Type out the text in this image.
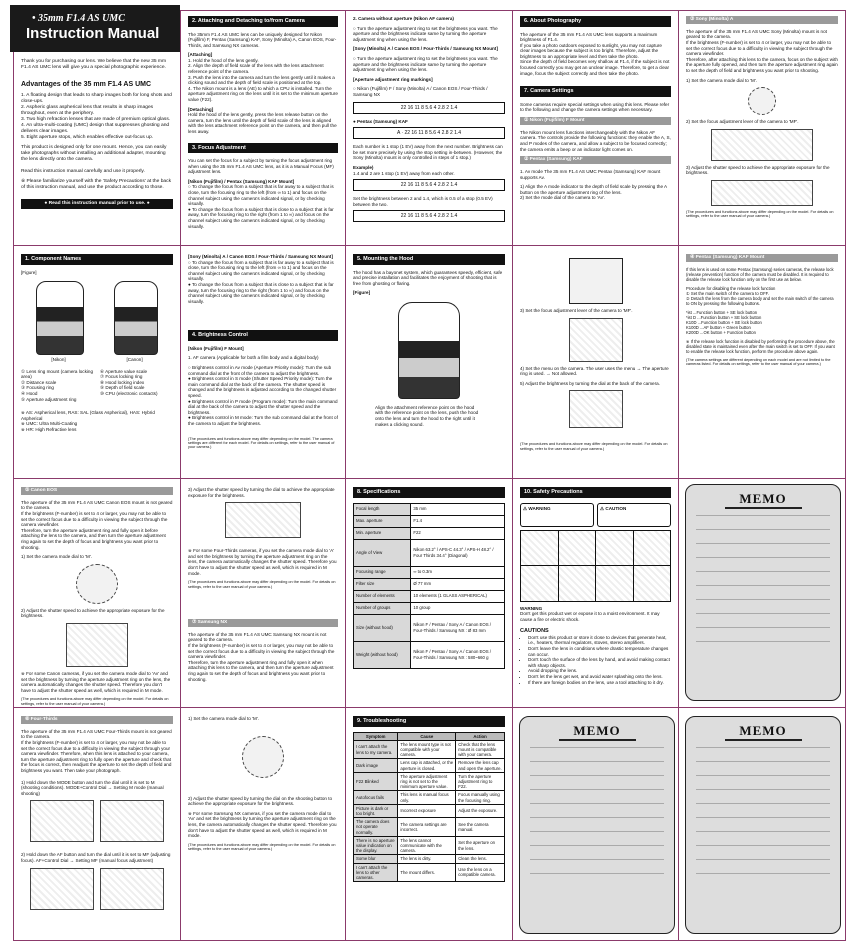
• 35mm F1.4 AS UMC
Instruction Manual

Thank you for purchasing our lens. We believe that the new 35 mm F1.4 AS UMC lens will give you a special photographic experience.

Advantages of the 35 mm F1.4 AS UMC
1. A floating design that leads to sharp images both for long shots and close-ups.
2. Aspheric glass aspherical lens that results in sharp images throughout, even at the periphery.
3. Two high refraction lenses that are made of premium optical glass.
4. An ultra-multi-coating (UMC) design that suppresses ghosting and delivers clear images.
5. Eight aperture stops, which enables effective out-focus up.

This product is designed only for one mount. Hence, you can easily take photographs without installing an additional adapter, mounting the lens directly onto the camera.

Read this instruction manual carefully and use it properly.

※ Please familiarize yourself with the 'Safety Precautions' at the back of this instruction manual, and use the product according to those.

● Read this instruction manual prior to use. ●
2. Attaching and Detaching to/from Camera

The 35mm F1.4 AS UMC lens can be uniquely designed for Nikon (Fujifilm) F, Pentax (Samsung) KAF, Sony (Minolta) A, Canon EOS, Four-Thirds, and Samsung NX cameras.

[Attaching]
1. Hold the hood of the lens gently.
2. Align the depth of field scale of the lens with the lens attachment reference point of the camera.
3. Push the lens into the camera and turn the lens gently until it makes a clicking sound and the depth of field scale is positioned at the top.

4. The Nikon mount is a lens (AE) to which a CPU is installed. Turn the aperture adjustment ring on the lens until it is set to the minimum aperture value (F22).

[Detaching]

Hold the hood of the lens gently, press the lens release button on the camera, turn the lens until the depth of field scale of the lens is aligned with the lens attachment reference point on the camera, and then pull the lens away.

3. Focus Adjustment

You can set the focus for a subject by turning the focus adjustment ring when using the 35 mm F1.4 AS UMC lens, as it is a Manual Focus (MF) adjustment lens.

[Nikon (Fujifilm) / Pentax (Samsung) KAF Mount]
○ To change the focus from a subject that is far away to a subject that is close, turn the focusing ring to the left (from ∞ to 1) and focus on the channel subject using the camera's indicated signal, or by checking visually.
● To change the focus from a subject that is close to a subject that is far away, turn the focusing ring to the right (from 1 to ∞) and focus on the channel subject using the camera's indicated signal, or by checking visually.

2. Camera without aperture (Nikon AF camera)

○ Turn the aperture adjustment ring to set the brightness you want. The aperture and the brightness indicate same by turning the aperture adjustment ring when using the lens.

[Sony (Minolta) A / Canon EOS / Four-Thirds / Samsung NX Mount]

○ Turn the aperture adjustment ring to set the brightness you want. The aperture and the brightness indicate same by turning the aperture adjustment ring when using the lens.

[Aperture adjustment ring markings]

○ Nikon (Fujifilm) F / Sony (Minolta) A / Canon EOS / Four-Thirds / Samsung NX

22 16 11 8 5.6 4 2.8 2 1.4
● Pentax (Samsung) KAF
A · 22 16 11 8 5.6 4 2.8 2 1.4

Each number is 1 stop (1 EV) away from the next number. Brightness can be set more precisely by using the stop setting in-between. (However, the Sony (Minolta) mount is only controlled in steps of 1 stop.)

Example)
1.4 and 2 are 1 stop (1 EV) away from each other.
22 16 11 8 5.6 4 2.8 2 1.4
Set the brightness between 2 and 1.4, which is 0.5 of a stop (0.5 EV) between the two.
22 16 11 8 5.6 4 2.8 2 1.4
6. About Photography
The aperture of the 35 mm F1.4 AS UMC lens supports a maximum brightness of F1.4.
If you take a photo outdoors exposed to sunlight, you may not capture clear images because the subject is too bright. Therefore, adjust the brightness to an appropriate level and then take the photo.

Since the depth of field becomes very shallow at F1.4, if the subject is not focused correctly you may get an unclear image. Therefore, to get a clear image, focus the subject correctly and then take the photo.

7. Camera Settings

Some cameras require special settings when using this lens. Please refer to the following and change the camera settings when necessary.

① Nikon (Fujifilm) F Mount

The Nikon mount lens functions interchangeably with the Nikon AF camera. The controls provide the following functions: they enable the A, S, and P modes of the camera, and allow a subject to be focused correctly; the camera emits a beep or an indicator light comes on.

② Pentax (Samsung) KAF

1. Av mode The 35 mm F1.4 AS UMC Pentax (Samsung) KAF mount supports Av.

1) Align the A mode indicator to the depth of field scale by pressing the A button on the aperture adjustment ring of the lens.
2) Set the mode dial of the camera to 'Av'.
③ Sony (Minolta) A
The aperture of the 35 mm F1.4 AS UMC Sony (Minolta) mount is not geared to the camera.
If the brightness (F-number) is set to 4 or larger, you may not be able to set the correct focus due to a difficulty in viewing the subject through the camera viewfinder.

Therefore, after attaching this lens to the camera, focus on the subject with the aperture fully opened, and then turn the aperture adjustment ring again to set the depth of field and brightness you want prior to shooting.

1) Set the camera mode dial to 'M'.
2) Set the focus adjustment lever of the camera to 'MF'.
3) Adjust the shutter speed to achieve the appropriate exposure for the brightness.
(The procedures and functions above may differ depending on the model. For details on settings, refer to the user manual of your camera.)
1. Component Names
[Figure]
[Nikon]	[Canon]
① Lens ring mount (camera locking area)
② Distance scale
③ Focusing ring
④ Hood
⑤ Aperture adjustment ring
⑥ Aperture value scale
⑦ Focus locking ring
⑧ Hood locking index
⑨ Depth of field scale
⑩ CPU (electronic contacts)
※ AS: Aspherical lens, RAS: SAL (Glass Aspherical), HAS: Hybrid Aspherical
※ UMC: Ultra Multi-Coating
※ HR: High Refractive lens
[Sony (Minolta) A / Canon EOS / Four-Thirds / Samsung NX Mount]
○ To change the focus from a subject that is far away to a subject that is close, turn the focusing ring to the left (from ∞ to 1) and focus on the channel subject using the camera's indicated signal, or by checking visually.
● To change the focus from a subject that is close to a subject that is far away, turn the focusing ring to the right (from 1 to ∞) and focus on the channel subject using the camera's indicated signal, or by checking visually.
4. Brightness Control

[Nikon (Fujifilm) F Mount]

1. AF camera (Applicable for both a film body and a digital body)

○ Brightness control in Av mode (Aperture Priority mode): Turn the sub command dial at the front of the camera to adjust the brightness.
● Brightness control in S mode (Shutter Speed Priority mode): Turn the main command dial at the back of the camera. The shutter speed is changed and the brightness is adjusted according to the changed shutter speed.
● Brightness control in P mode (Program mode): Turn the main command dial at the back of the camera to adjust the shutter speed and the brightness.
● Brightness control in M mode: Turn the sub command dial at the front of the camera to adjust the brightness.
(The procedures and functions above may differ depending on the model. The camera settings are different for each model. For details on settings, refer to the user manual of your camera.)
5. Mounting the Hood

The hood has a bayonet system, which guarantees speedy, efficient, safe and precise installation and facilitates the enjoyment of shooting that is free from ghosting or flaring.

[Figure]

Align the attachment reference point on the hood with the reference point on the lens, push the hood onto the lens and turn the hood to the right until it makes a clicking sound.
3) Set the focus adjustment lever of the camera to 'MF'.

4) Set the menu on the camera. The user uses the menu → The aperture ring is used. → Not allowed.

5) Adjust the brightness by turning the dial at the back of the camera.
(The procedures and functions above may differ depending on the model. For details on settings, refer to the user manual of your camera.)
④ Pentax (Samsung) KAF Mount

If this lens is used on some Pentax (Samsung) series cameras, the release lock (release prevention) function of the camera must be disabled. It is required to disable the release lock function only on the first use as below.

Procedure for disabling the release lock function
① Set the main switch of the camera to OFF.

② Detach the lens from the camera body and set the main switch of the camera to ON by pressing the following buttons.

*ist ...Function button + SE lock button
*ist D ...Function button + SE lock button
K10D ...Function button + SE lock button
K100D ...AF button + Green button

K200D ...OK button + Function button

※ If the release lock function is disabled by performing the procedure above, the disabled state is maintained even after the main switch is set to OFF. If you want to enable the release lock function, perform the procedure above again.

(The camera settings are different depending on each model and are not limited to the cameras listed. For details on settings, refer to the user manual of your camera.)
⑤ Canon EOS
The aperture of the 35 mm F1.4 AS UMC Canon EOS mount is not geared to the camera.
If the brightness (F-number) is set to 4 or larger, you may not be able to set the correct focus due to a difficulty in viewing the subject through the camera viewfinder.

Therefore, turn the aperture adjustment ring and fully open it before attaching the lens to the camera, and then turn the aperture adjustment ring again to set the depth of focus and brightness you want prior to shooting.

1) Set the camera mode dial to 'M'.
2) Adjust the shutter speed to achieve the appropriate exposure for the brightness.

※ For some Canon cameras, if you set the camera mode dial to 'Av' and set the brightness by turning the aperture adjustment ring on the lens, the camera automatically changes the shutter speed. Therefore you don't have to adjust the shutter speed as well, which is required in M mode.

(The procedures and functions above may differ depending on the model. For details on settings, refer to the user manual of your camera.)
3) Adjust the shutter speed by turning the dial to achieve the appropriate exposure for the brightness.

※ For some Four-Thirds cameras, if you set the camera mode dial to 'A' and set the brightness by turning the aperture adjustment ring on the lens, the camera automatically changes the shutter speed. Therefore you don't have to adjust the shutter speed as well, which is required in M mode.

(The procedures and functions above may differ depending on the model. For details on settings, refer to the user manual of your camera.)
⑦ Samsung NX
The aperture of the 35 mm F1.4 AS UMC Samsung NX mount is not geared to the camera.
If the brightness (F-number) is set to 4 or larger, you may not be able to set the correct focus due to a difficulty in viewing the subject through the camera viewfinder.
Therefore, turn the aperture adjustment ring and fully open it when attaching this lens to the camera, and then turn the aperture adjustment ring again to set the depth of focus and brightness you want prior to shooting.
8. Specifications
Focal length	35 mm
Max. aperture	F1.4
Min. aperture	F22
Angle of View	Nikon 63.2° / APS-C 44.3° / APS-H 48.2° / Four Thirds 34.4° (Diagonal)
Focusing range	∞ to 0.3m
Filter size	Ø 77 mm
Number of elements	10 elements (1 GLASS ASPHERICAL)
Number of groups	10 group
Size (without hood)	Nikon F / Pentax / Sony A / Canon EOS / Four-Thirds / Samsung NX : Ø 83 mm
Weight (without hood)	Nikon F / Pentax / Sony A / Canon EOS / Four-Thirds / Samsung NX : 580~660 g
10. Safety Precautions
⚠ WARNING	⚠ CAUTION
WARNING

Don't get this product wet or expose it to a moist environment. It may cause a fire or electric shock.

CAUTIONS
• Don't use this product or store it close to devices that generate heat, i.e., heaters, thermal regulators, stoves, stereo amplifiers.
• Don't leave the lens in conditions where drastic temperature changes can occur.
• Don't touch the surface of the lens by hand, and avoid making contact with sharp objects.
• Avoid dropping the lens.
• Don't let the lens get wet, and avoid water splashing onto the lens.
• If there are foreign bodies on the lens, use a tool attaching to it dry.
MEMO
⑥ Four-Thirds
The aperture of the 35 mm F1.4 AS UMC Four-Thirds mount is not geared to the camera.

If the brightness (F-number) is set to 4 or larger, you may not be able to set the correct focus due to a difficulty in viewing the subject through your camera viewfinder. Therefore, when this lens is attached to your camera, turn the aperture adjustment ring to fully open the aperture and check that the focus is correct, then readjust the aperture to set the depth of field and brightness you want. Then take your photograph.

1) Hold down the MODE button and turn the dial until it is set to M (shooting conditions). MODE+Control Dial → Setting M mode (manual shooting)
2) Hold down the AF button and turn the dial until it is set to MF (adjusting focus). AF+Control Dial → Setting MF (manual focus adjustment)
1) Set the camera mode dial to 'M'.

2) Adjust the shutter speed by turning the dial on the shooting button to achieve the appropriate exposure for the brightness.

※ For some Samsung NX cameras, if you set the camera mode dial to 'Av' and set the brightness by turning the aperture adjustment ring on the lens, the camera automatically changes the shutter speed. Therefore you don't have to adjust the shutter speed as well, which is required in M mode.

(The procedures and functions above may differ depending on the model. For details on settings, refer to the user manual of your camera.)
9. Troubleshooting
Symptom	Cause	Action
I can't attach the lens to my camera.	The lens mount type is not compatible with your camera.	Check that the lens mount is compatible with your camera.
Dark image	Lens cap is attached, or the aperture is closed.	Remove the lens cap and open the aperture.
F22 Blinked	The aperture adjustment ring is not set to the minimum aperture value.	Turn the aperture adjustment ring to F22.
Autofocus fails	This lens is manual focus only.	Focus manually using the focusing ring.
Picture is dark or too bright.	Incorrect exposure	Adjust the exposure.
The camera does not operate normally.	The camera settings are incorrect.	See the camera manual.
There is no aperture value indication on the display.	The lens cannot communicate with the camera.	Set the aperture on the lens.
Some blur	The lens is dirty.	Clean the lens.
I can't attach the lens to other cameras.	The mount differs.	Use the lens on a compatible camera.
MEMO	MEMO
